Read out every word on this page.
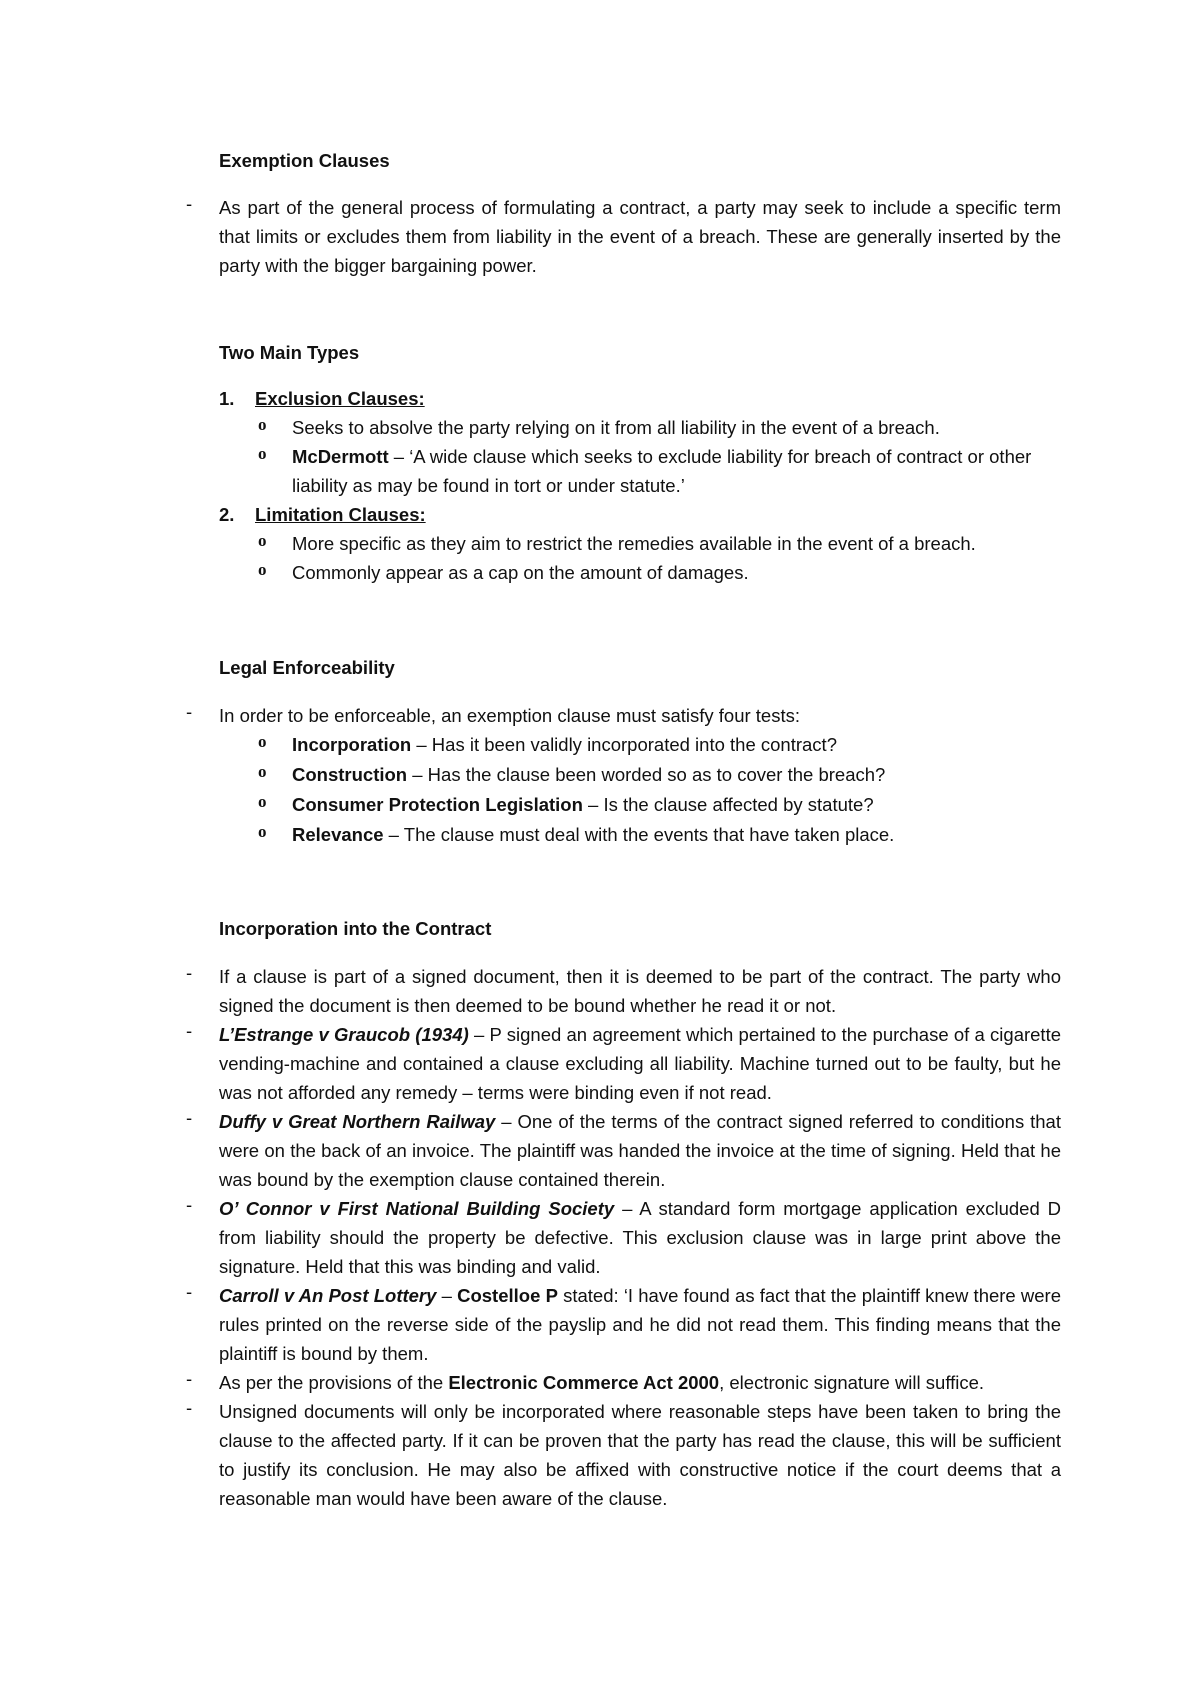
Exemption Clauses
- As part of the general process of formulating a contract, a party may seek to include a specific term that limits or excludes them from liability in the event of a breach. These are generally inserted by the party with the bigger bargaining power.

Two Main Types
1. Exclusion Clauses:

o Seeks to absolve the party relying on it from all liability in the event of a breach.

o McDermott – ‘A wide clause which seeks to exclude liability for breach of contract or other liability as may be found in tort or under statute.’

2. Limitation Clauses:

o More specific as they aim to restrict the remedies available in the event of a breach.

o Commonly appear as a cap on the amount of damages.

Legal Enforceability
- In order to be enforceable, an exemption clause must satisfy four tests:

o Incorporation – Has it been validly incorporated into the contract?

o Construction – Has the clause been worded so as to cover the breach?

o Consumer Protection Legislation – Is the clause affected by statute?

o Relevance – The clause must deal with the events that have taken place.

Incorporation into the Contract
- If a clause is part of a signed document, then it is deemed to be part of the contract. The party who signed the document is then deemed to be bound whether he read it or not.

- L’Estrange v Graucob (1934) – P signed an agreement which pertained to the purchase of a cigarette vending-machine and contained a clause excluding all liability. Machine turned out to be faulty, but he was not afforded any remedy – terms were binding even if not read.

- Duffy v Great Northern Railway – One of the terms of the contract signed referred to conditions that were on the back of an invoice. The plaintiff was handed the invoice at the time of signing. Held that he was bound by the exemption clause contained therein.

- O’ Connor v First National Building Society – A standard form mortgage application excluded D from liability should the property be defective. This exclusion clause was in large print above the signature. Held that this was binding and valid.

- Carroll v An Post Lottery – Costelloe P stated: ‘I have found as fact that the plaintiff knew there were rules printed on the reverse side of the payslip and he did not read them. This finding means that the plaintiff is bound by them.

- As per the provisions of the Electronic Commerce Act 2000, electronic signature will suffice.

- Unsigned documents will only be incorporated where reasonable steps have been taken to bring the clause to the affected party. If it can be proven that the party has read the clause, this will be sufficient to justify its conclusion. He may also be affixed with constructive notice if the court deems that a reasonable man would have been aware of the clause.
